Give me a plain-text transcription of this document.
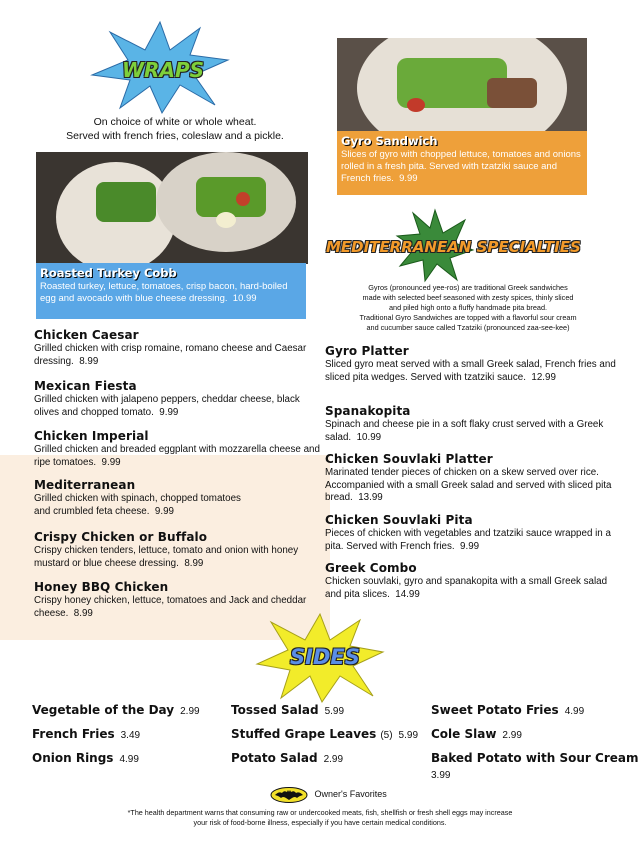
WRAPS
On choice of white or whole wheat.
Served with french fries, coleslaw and a pickle.
Roasted Turkey Cobb
Roasted turkey, lettuce, tomatoes, crisp bacon, hard-boiled egg and avocado with blue cheese dressing. 10.99
Gyro Sandwich
Slices of gyro with chopped lettuce, tomatoes and onions rolled in a fresh pita. Served with tzatziki sauce and French fries. 9.99
MEDITERRANEAN SPECIALTIES
Gyros (pronounced yee-ros) are traditional Greek sandwiches
made with selected beef seasoned with zesty spices, thinly sliced
and piled high onto a fluffy handmade pita bread.
Traditional Gyro Sandwiches are topped with a flavorful sour cream
and cucumber sauce called Tzatziki (pronounced zaa-see-kee)
Chicken Caesar
Grilled chicken with crisp romaine, romano cheese and Caesar dressing. 8.99
Mexican Fiesta
Grilled chicken with jalapeno peppers, cheddar cheese, black olives and chopped tomato. 9.99
Chicken Imperial
Grilled chicken and breaded eggplant with mozzarella cheese and ripe tomatoes. 9.99
Mediterranean
Grilled chicken with spinach, chopped tomatoes and crumbled feta cheese. 9.99
Crispy Chicken or Buffalo
Crispy chicken tenders, lettuce, tomato and onion with honey mustard or blue cheese dressing. 8.99
Honey BBQ Chicken
Crispy honey chicken, lettuce, tomatoes and Jack and cheddar cheese. 8.99
Gyro Platter
Sliced gyro meat served with a small Greek salad, French fries and sliced pita wedges. Served with tzatziki sauce. 12.99
Spanakopita
Spinach and cheese pie in a soft flaky crust served with a Greek salad. 10.99
Chicken Souvlaki Platter
Marinated tender pieces of chicken on a skew served over rice. Accompanied with a small Greek salad and served with sliced pita bread. 13.99
Chicken Souvlaki Pita
Pieces of chicken with vegetables and tzatziki sauce wrapped in a pita. Served with French fries. 9.99
Greek Combo
Chicken souvlaki, gyro and spanakopita with a small Greek salad and pita slices. 14.99
SIDES
Vegetable of the Day 2.99
French Fries 3.49
Onion Rings 4.99
Tossed Salad 5.99
Stuffed Grape Leaves (5) 5.99
Potato Salad 2.99
Sweet Potato Fries 4.99
Cole Slaw 2.99
Baked Potato with Sour Cream
3.99
Owner's Favorites
*The health department warns that consuming raw or undercooked meats, fish, shellfish or fresh shell eggs may increase
your risk of food-borne illness, especially if you have certain medical conditions.
